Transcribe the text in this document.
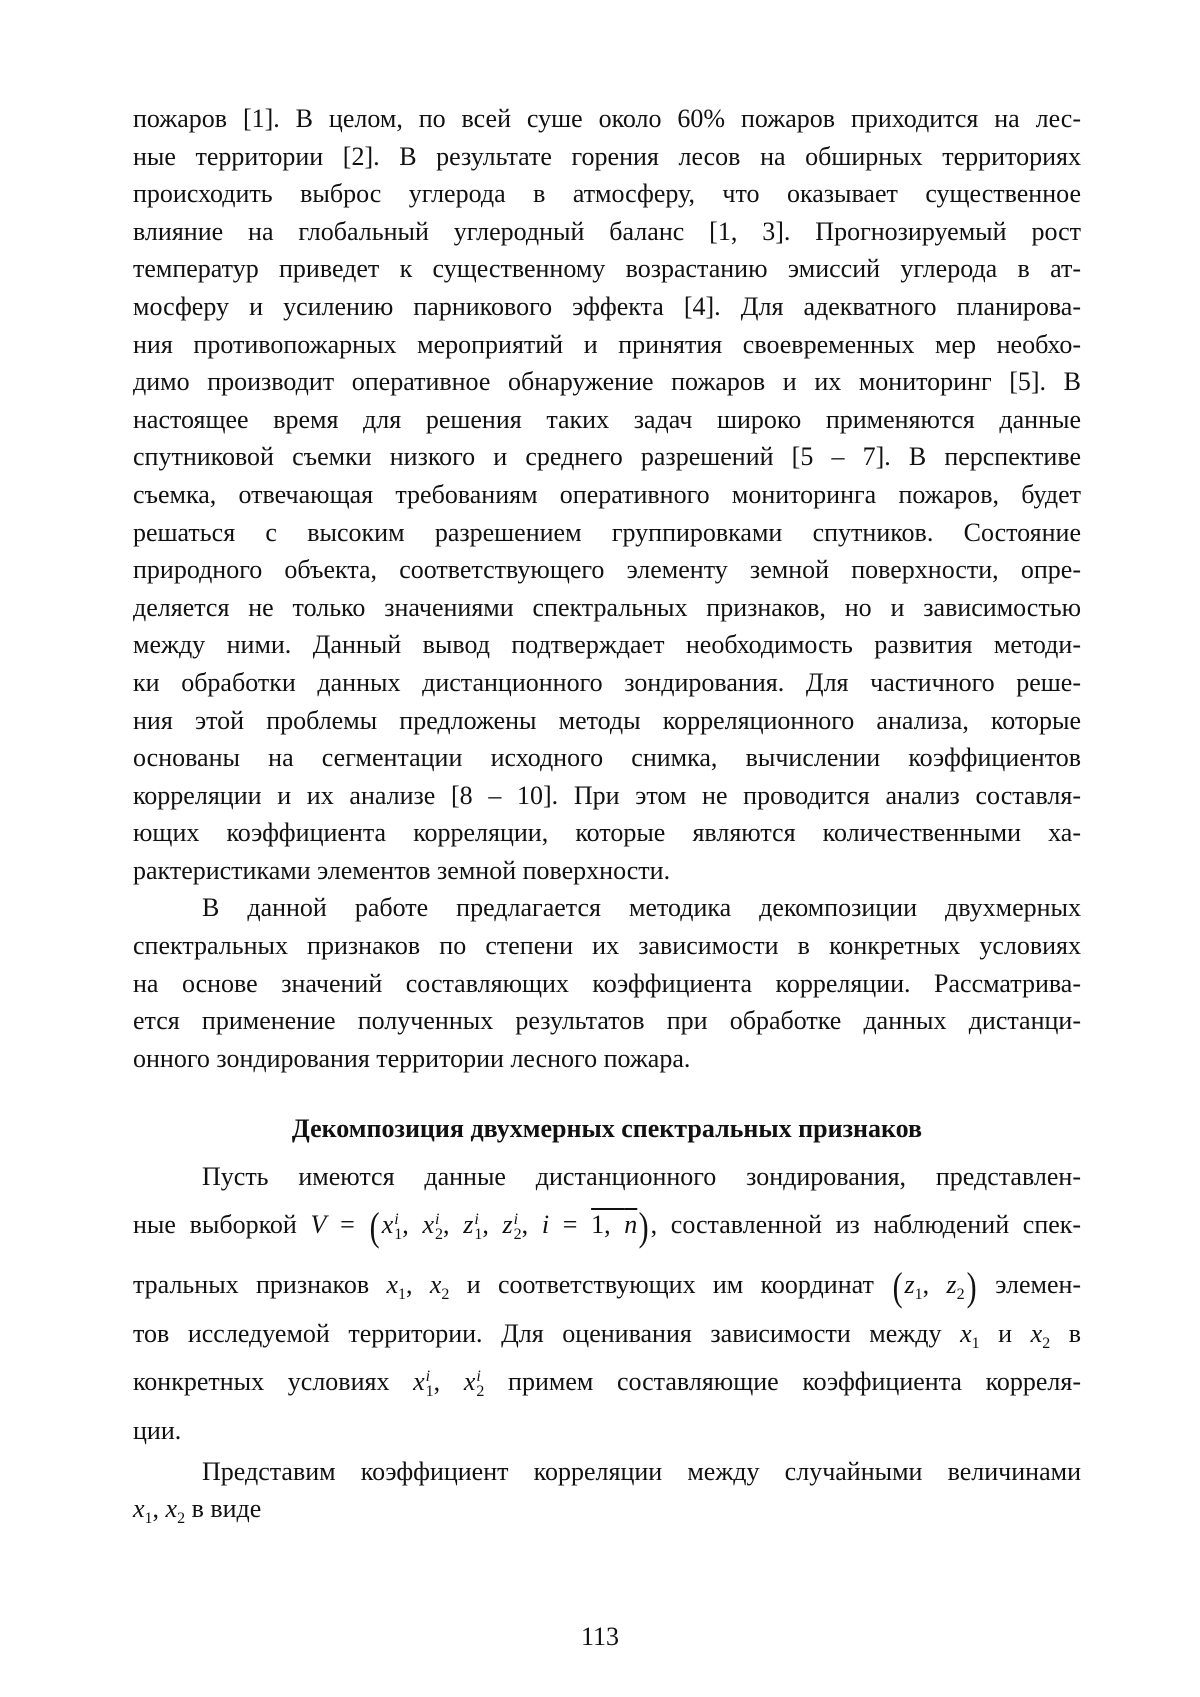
пожаров [1]. В целом, по всей суше около 60% пожаров приходится на лес-
ные территории [2]. В результате горения лесов на обширных территориях
происходить выброс углерода в атмосферу, что оказывает существенное
влияние на глобальный углеродный баланс [1, 3]. Прогнозируемый рост
температур приведет к существенному возрастанию эмиссий углерода в ат-
мосферу и усилению парникового эффекта [4]. Для адекватного планирова-
ния противопожарных мероприятий и принятия своевременных мер необхо-
димо производит оперативное обнаружение пожаров и их мониторинг [5]. В
настоящее время для решения таких задач широко применяются данные
спутниковой съемки низкого и среднего разрешений [5 – 7]. В перспективе
съемка, отвечающая требованиям оперативного мониторинга пожаров, будет
решаться с высоким разрешением группировками спутников. Состояние
природного объекта, соответствующего элементу земной поверхности, опре-
деляется не только значениями спектральных признаков, но и зависимостью
между ними. Данный вывод подтверждает необходимость развития методи-
ки обработки данных дистанционного зондирования. Для частичного реше-
ния этой проблемы предложены методы корреляционного анализа, которые
основаны на сегментации исходного снимка, вычислении коэффициентов
корреляции и их анализе [8 – 10]. При этом не проводится анализ составля-
ющих коэффициента корреляции, которые являются количественными ха-
рактеристиками элементов земной поверхности.
В данной работе предлагается методика декомпозиции двухмерных
спектральных признаков по степени их зависимости в конкретных условиях
на основе значений составляющих коэффициента корреляции. Рассматрива-
ется применение полученных результатов при обработке данных дистанци-
онного зондирования территории лесного пожара.
Декомпозиция двухмерных спектральных признаков
Пусть имеются данные дистанционного зондирования, представлен-
ные выборкой V = (x i
1 , x i
2 , z i
1 , z i
2 , i = 1, n), составленной из наблюдений спек-
тральных признаков $x_1$, $x_2$ и соответствующих им координат ($z_1$, $z_2$) элемен-
тов исследуемой территории. Для оценивания зависимости между $x_1$ и $x_2$ в
конкретных условиях x i
1 , x i
2 примем составляющие коэффициента корреля-
ции.
Представим коэффициент корреляции между случайными величинами
$x_1$, $x_2$ в виде
113
